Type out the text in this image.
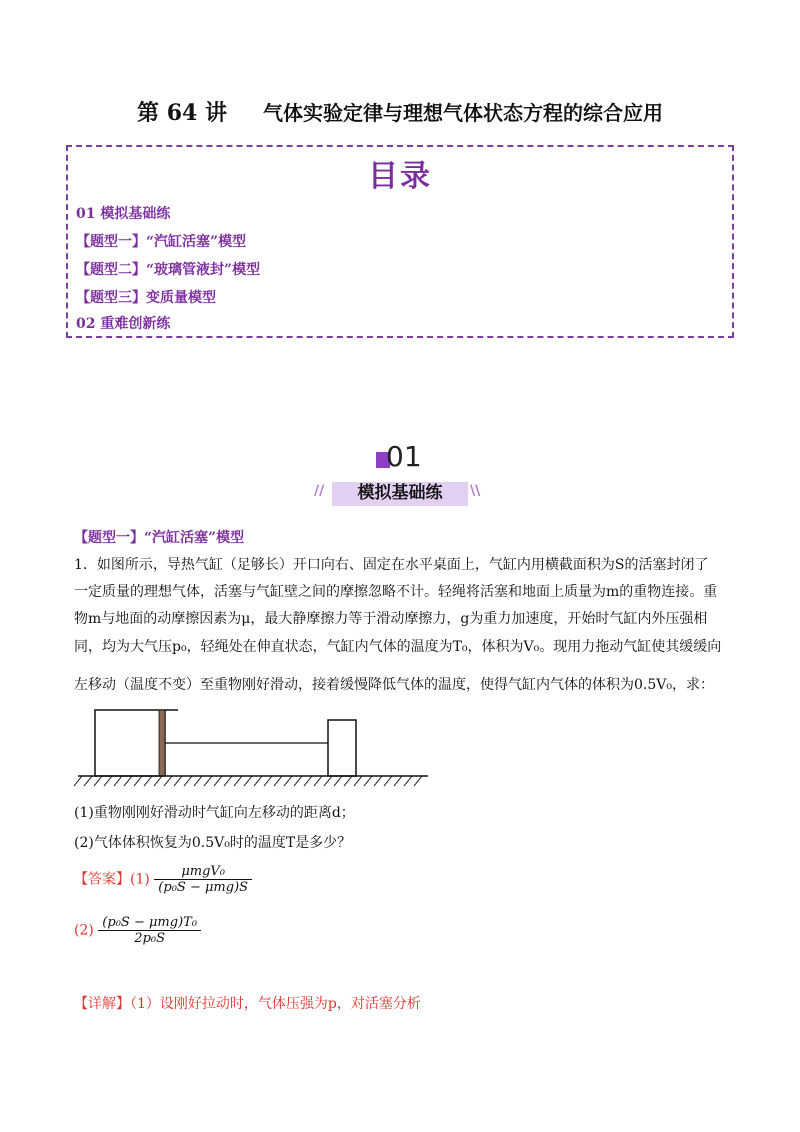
第 64 讲 气体实验定律与理想气体状态方程的综合应用
目录
01 模拟基础练
【题型一】“汽缸活塞”模型
【题型二】“玻璃管液封”模型
【题型三】变质量模型
02 重难创新练
01
//	\\
模拟基础练
【题型一】“汽缸活塞”模型
1．如图所示，导热气缸（足够长）开口向右、固定在水平桌面上，气缸内用横截面积为S的活塞封闭了
一定质量的理想气体，活塞与气缸壁之间的摩擦忽略不计。轻绳将活塞和地面上质量为m的重物连接。重
物m与地面的动摩擦因素为μ，最大静摩擦力等于滑动摩擦力，g为重力加速度，开始时气缸内外压强相
同，均为大气压p₀，轻绳处在伸直状态，气缸内气体的温度为T₀，体积为V₀。现用力拖动气缸使其缓缓向
左移动（温度不变）至重物刚好滑动，接着缓慢降低气体的温度，使得气缸内气体的体积为0.5V₀，求：
(1)重物刚刚好滑动时气缸向左移动的距离d；
(2)气体体积恢复为0.5V₀时的温度T是多少？
【答案】$(1) \frac{\text{μmgV₀}}{\text{(p₀S − μmg)S}}$
$(2) \frac{\text{(p₀S − μmg)T₀}}{\text{2p₀S}}$
【详解】（1）设刚好拉动时，气体压强为p，对活塞分析
